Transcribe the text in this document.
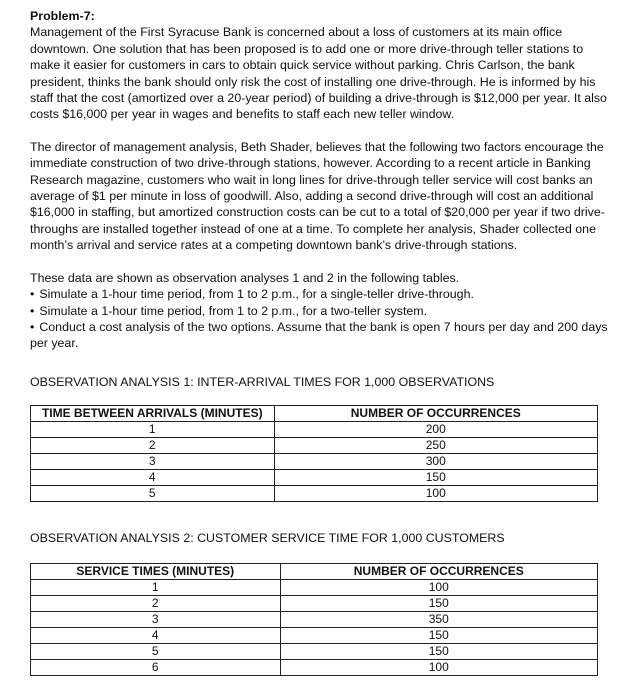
Problem-7:

Management of the First Syracuse Bank is concerned about a loss of customers at its main office downtown. One solution that has been proposed is to add one or more drive-through teller stations to make it easier for customers in cars to obtain quick service without parking. Chris Carlson, the bank president, thinks the bank should only risk the cost of installing one drive-through. He is informed by his staff that the cost (amortized over a 20-year period) of building a drive-through is $12,000 per year. It also costs $16,000 per year in wages and benefits to staff each new teller window.

The director of management analysis, Beth Shader, believes that the following two factors encourage the immediate construction of two drive-through stations, however. According to a recent article in Banking Research magazine, customers who wait in long lines for drive-through teller service will cost banks an average of $1 per minute in loss of goodwill. Also, adding a second drive-through will cost an additional $16,000 in staffing, but amortized construction costs can be cut to a total of $20,000 per year if two drive-throughs are installed together instead of one at a time. To complete her analysis, Shader collected one month’s arrival and service rates at a competing downtown bank’s drive-through stations.

These data are shown as observation analyses 1 and 2 in the following tables.

• Simulate a 1-hour time period, from 1 to 2 p.m., for a single-teller drive-through.
• Simulate a 1-hour time period, from 1 to 2 p.m., for a two-teller system.
• Conduct a cost analysis of the two options. Assume that the bank is open 7 hours per day and 200 days per year.

OBSERVATION ANALYSIS 1: INTER-ARRIVAL TIMES FOR 1,000 OBSERVATIONS

TIME BETWEEN ARRIVALS (MINUTES)	NUMBER OF OCCURRENCES
1	200
2	250
3	300
4	150
5	100

OBSERVATION ANALYSIS 2: CUSTOMER SERVICE TIME FOR 1,000 CUSTOMERS

SERVICE TIMES (MINUTES)	NUMBER OF OCCURRENCES
1	100
2	150
3	350
4	150
5	150
6	100
